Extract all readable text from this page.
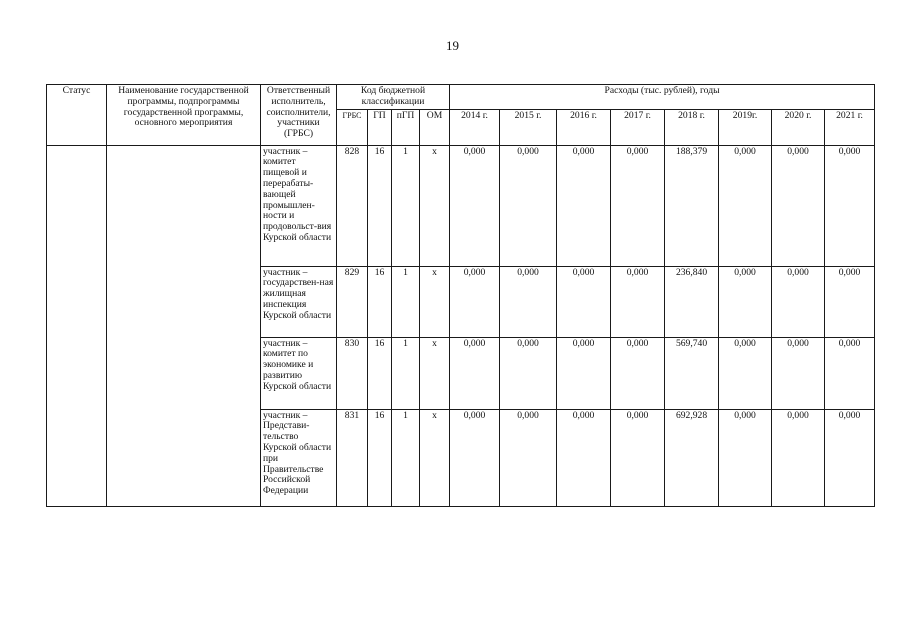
19
Статус	Наименование государственной программы, подпрограммы государственной программы, основного мероприятия	Ответственный исполнитель, соисполнители, участники (ГРБС)	Код бюджетной классификации				Расходы (тыс. рублей), годы							
			ГРБС	ГП	пГП	ОМ	2014 г.	2015 г.	2016 г.	2017 г.	2018 г.	2019г.	2020 г.	2021 г.
		участник – комитет пищевой и перерабаты-вающей промышлен-ности и продовольст-вия Курской области	828	16	1	х	0,000	0,000	0,000	0,000	188,379	0,000	0,000	0,000
		участник – государствен-ная жилищная инспекция Курской области	829	16	1	х	0,000	0,000	0,000	0,000	236,840	0,000	0,000	0,000
		участник – комитет по экономике и развитию Курской области	830	16	1	х	0,000	0,000	0,000	0,000	569,740	0,000	0,000	0,000
		участник – Представи-тельство Курской области при Правительстве Российской Федерации	831	16	1	х	0,000	0,000	0,000	0,000	692,928	0,000	0,000	0,000
